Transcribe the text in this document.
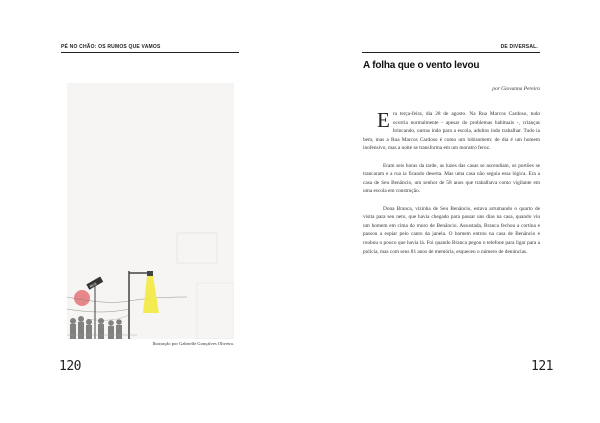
PÉ NO CHÃO: OS RUMOS QUE VAMOS
RUA
Ilustração por Gabrielle Gonçalves Oliveira.
120
DE DIVERSAL.
A folha que o vento levou
por Giovanna Pereira

Era terça-feira, dia 28 de agosto. Na Rua Marcos Cardoso, tudo ocorria normalmente - apesar do problemas habituais -, crianças brincando, outras indo para a escola, adultos indo trabalhar. Tudo ia bem, mas a Rua Marcos Cardoso é como um lobisomem: de dia é um homem inofensivo, mas a noite se transforma em um monstro feroz.

Eram seis horas da tarde, as luzes das casas se ascendiam, os portões se trancaram e a rua ia ficando deserta. Mas uma casa não seguia essa lógica. Era a casa de Seu Benâncio, um senhor de 58 anos que trabalhava como vigilante em uma escola em construção.

Dona Branca, vizinha de Seu Benâncio, estava arrumando o quarto de visita para seu neto, que havia chegado para passar uns dias na casa, quando viu um homem em cima do muro de Benâncio. Assustada, Branca fechou a cortina e passou a espiar pelo canto da janela. O homem entrou na casa de Benâncio e roubou o pouco que havia lá. Foi quando Branca pegou o telefone para ligar para a polícia, mas com seus 81 anos de memória, esqueceu o número de denúncias.

121
